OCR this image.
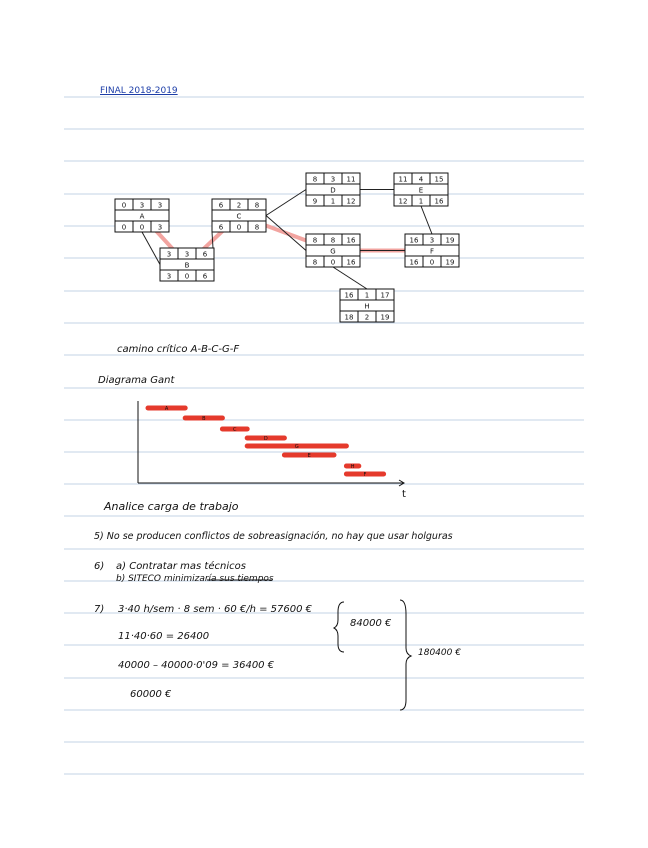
FINAL 2018-2019
0 3 3
A
0 0 3
3 3 6
B
3 0 6
6 2 8
C
6 0 8
8 3 11
D
9 1 12
11 4 15
E
12 1 16
8 8 16
G
8 0 16
16 3 19
F
16 0 19
16 1 17
H
18 2 19
camino crítico A-B-C-G-F
Diagrama Gant
t
A
B
C
D
G
E
H
F
Analice carga de trabajo
5) No se producen conflictos de sobreasignación, no hay que usar holguras
6) a) Contratar mas técnicos
b) SITECO minimizaría sus tiempos
7) 3·40 h/sem · 8 sem · 60 €/h = 57600 €
11·40·60 = 26400
40000 – 40000·0'09 = 36400 €
60000 €
84000 €
180400 €
